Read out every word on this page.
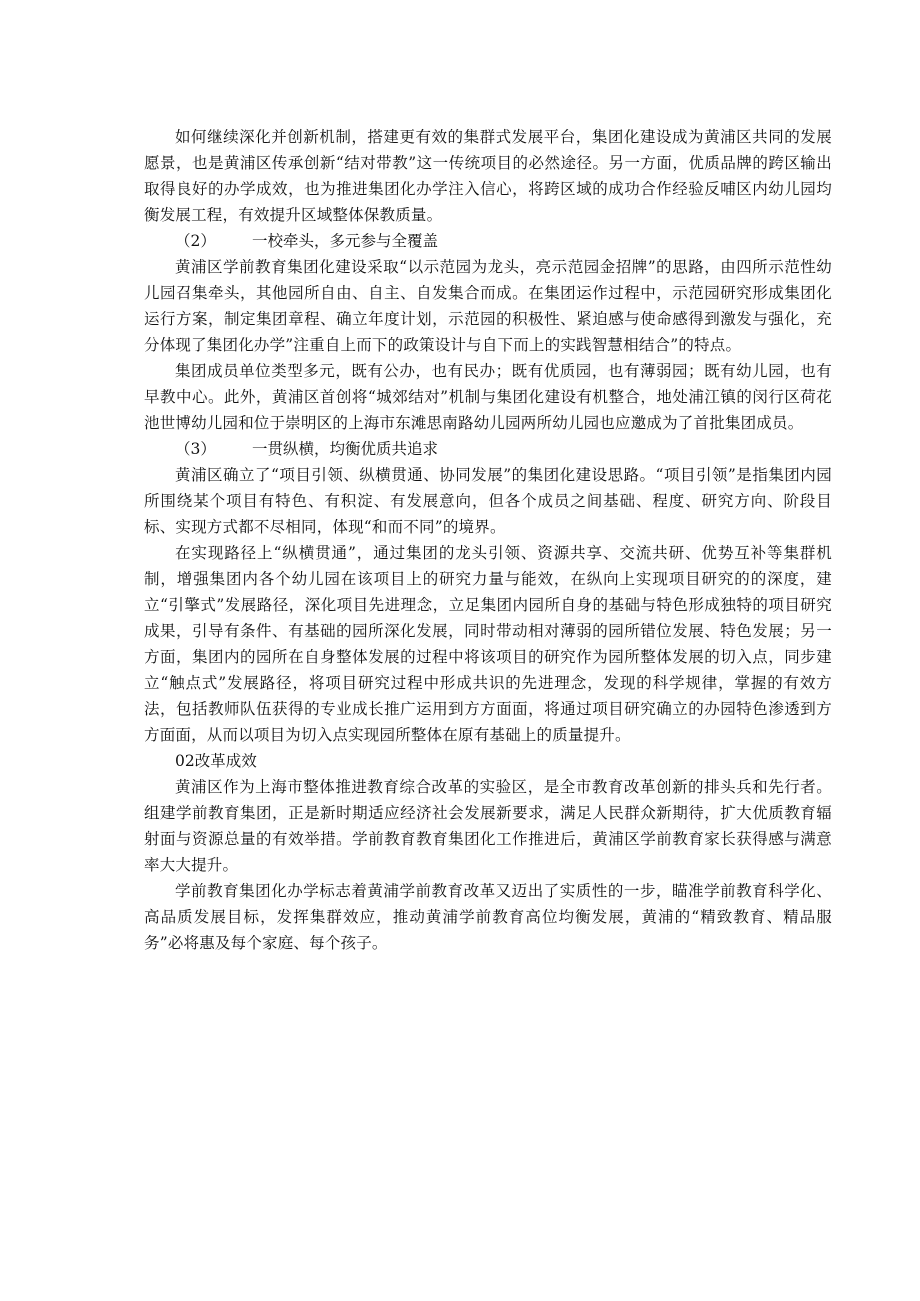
如何继续深化并创新机制，搭建更有效的集群式发展平台，集团化建设成为黄浦区共同的发展愿景，也是黄浦区传承创新“结对带教”这一传统项目的必然途径。另一方面，优质品牌的跨区输出取得良好的办学成效，也为推进集团化办学注入信心，将跨区域的成功合作经验反哺区内幼儿园均衡发展工程，有效提升区域整体保教质量。

（2） 一校牵头，多元参与全覆盖

黄浦区学前教育集团化建设采取“以示范园为龙头，亮示范园金招牌”的思路，由四所示范性幼儿园召集牵头，其他园所自由、自主、自发集合而成。在集团运作过程中，示范园研究形成集团化运行方案，制定集团章程、确立年度计划，示范园的积极性、紧迫感与使命感得到激发与强化，充分体现了集团化办学”注重自上而下的政策设计与自下而上的实践智慧相结合”的特点。

集团成员单位类型多元，既有公办，也有民办；既有优质园，也有薄弱园；既有幼儿园，也有早教中心。此外，黄浦区首创将“城郊结对”机制与集团化建设有机整合，地处浦江镇的闵行区荷花池世博幼儿园和位于崇明区的上海市东滩思南路幼儿园两所幼儿园也应邀成为了首批集团成员。

（3） 一贯纵横，均衡优质共追求

黄浦区确立了“项目引领、纵横贯通、协同发展”的集团化建设思路。“项目引领”是指集团内园所围绕某个项目有特色、有积淀、有发展意向，但各个成员之间基础、程度、研究方向、阶段目标、实现方式都不尽相同，体现“和而不同”的境界。

在实现路径上“纵横贯通”，通过集团的龙头引领、资源共享、交流共研、优势互补等集群机制，增强集团内各个幼儿园在该项目上的研究力量与能效，在纵向上实现项目研究的的深度，建立“引擎式”发展路径，深化项目先进理念，立足集团内园所自身的基础与特色形成独特的项目研究成果，引导有条件、有基础的园所深化发展，同时带动相对薄弱的园所错位发展、特色发展；另一方面，集团内的园所在自身整体发展的过程中将该项目的研究作为园所整体发展的切入点，同步建立“触点式”发展路径，将项目研究过程中形成共识的先进理念，发现的科学规律，掌握的有效方法，包括教师队伍获得的专业成长推广运用到方方面面，将通过项目研究确立的办园特色渗透到方方面面，从而以项目为切入点实现园所整体在原有基础上的质量提升。

02改革成效

黄浦区作为上海市整体推进教育综合改革的实验区，是全市教育改革创新的排头兵和先行者。组建学前教育集团，正是新时期适应经济社会发展新要求，满足人民群众新期待，扩大优质教育辐射面与资源总量的有效举措。学前教育教育集团化工作推进后，黄浦区学前教育家长获得感与满意率大大提升。

学前教育集团化办学标志着黄浦学前教育改革又迈出了实质性的一步，瞄准学前教育科学化、高品质发展目标，发挥集群效应，推动黄浦学前教育高位均衡发展，黄浦的“精致教育、精品服务”必将惠及每个家庭、每个孩子。
